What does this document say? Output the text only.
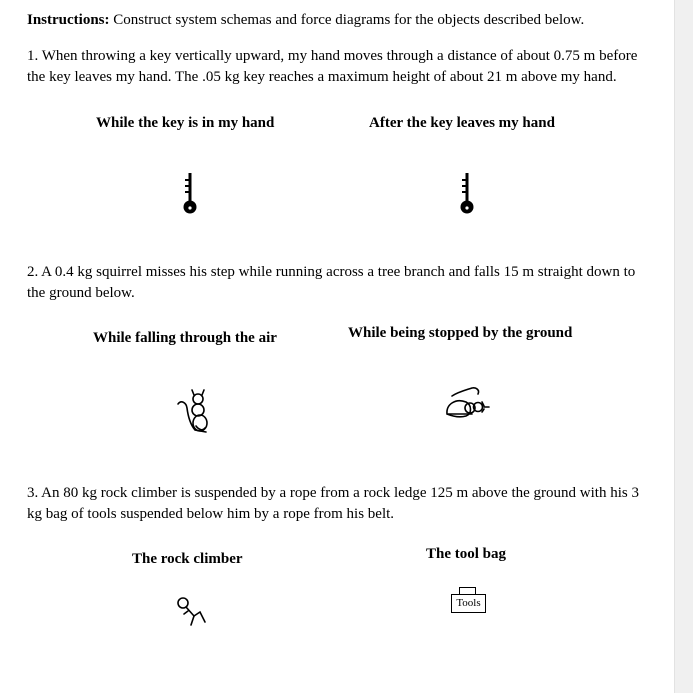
Instructions: Construct system schemas and force diagrams for the objects described below.

1. When throwing a key vertically upward, my hand moves through a distance of about 0.75 m before the key leaves my hand. The .05 kg key reaches a maximum height of about 21 m above my hand.

While the key is in my hand	After the key leaves my hand

2. A 0.4 kg squirrel misses his step while running across a tree branch and falls 15 m straight down to the ground below.

While falling through the air	While being stopped by the ground

3. An 80 kg rock climber is suspended by a rope from a rock ledge 125 m above the ground with his 3 kg bag of tools suspended below him by a rope from his belt.

The rock climber	The tool bag
Tools
